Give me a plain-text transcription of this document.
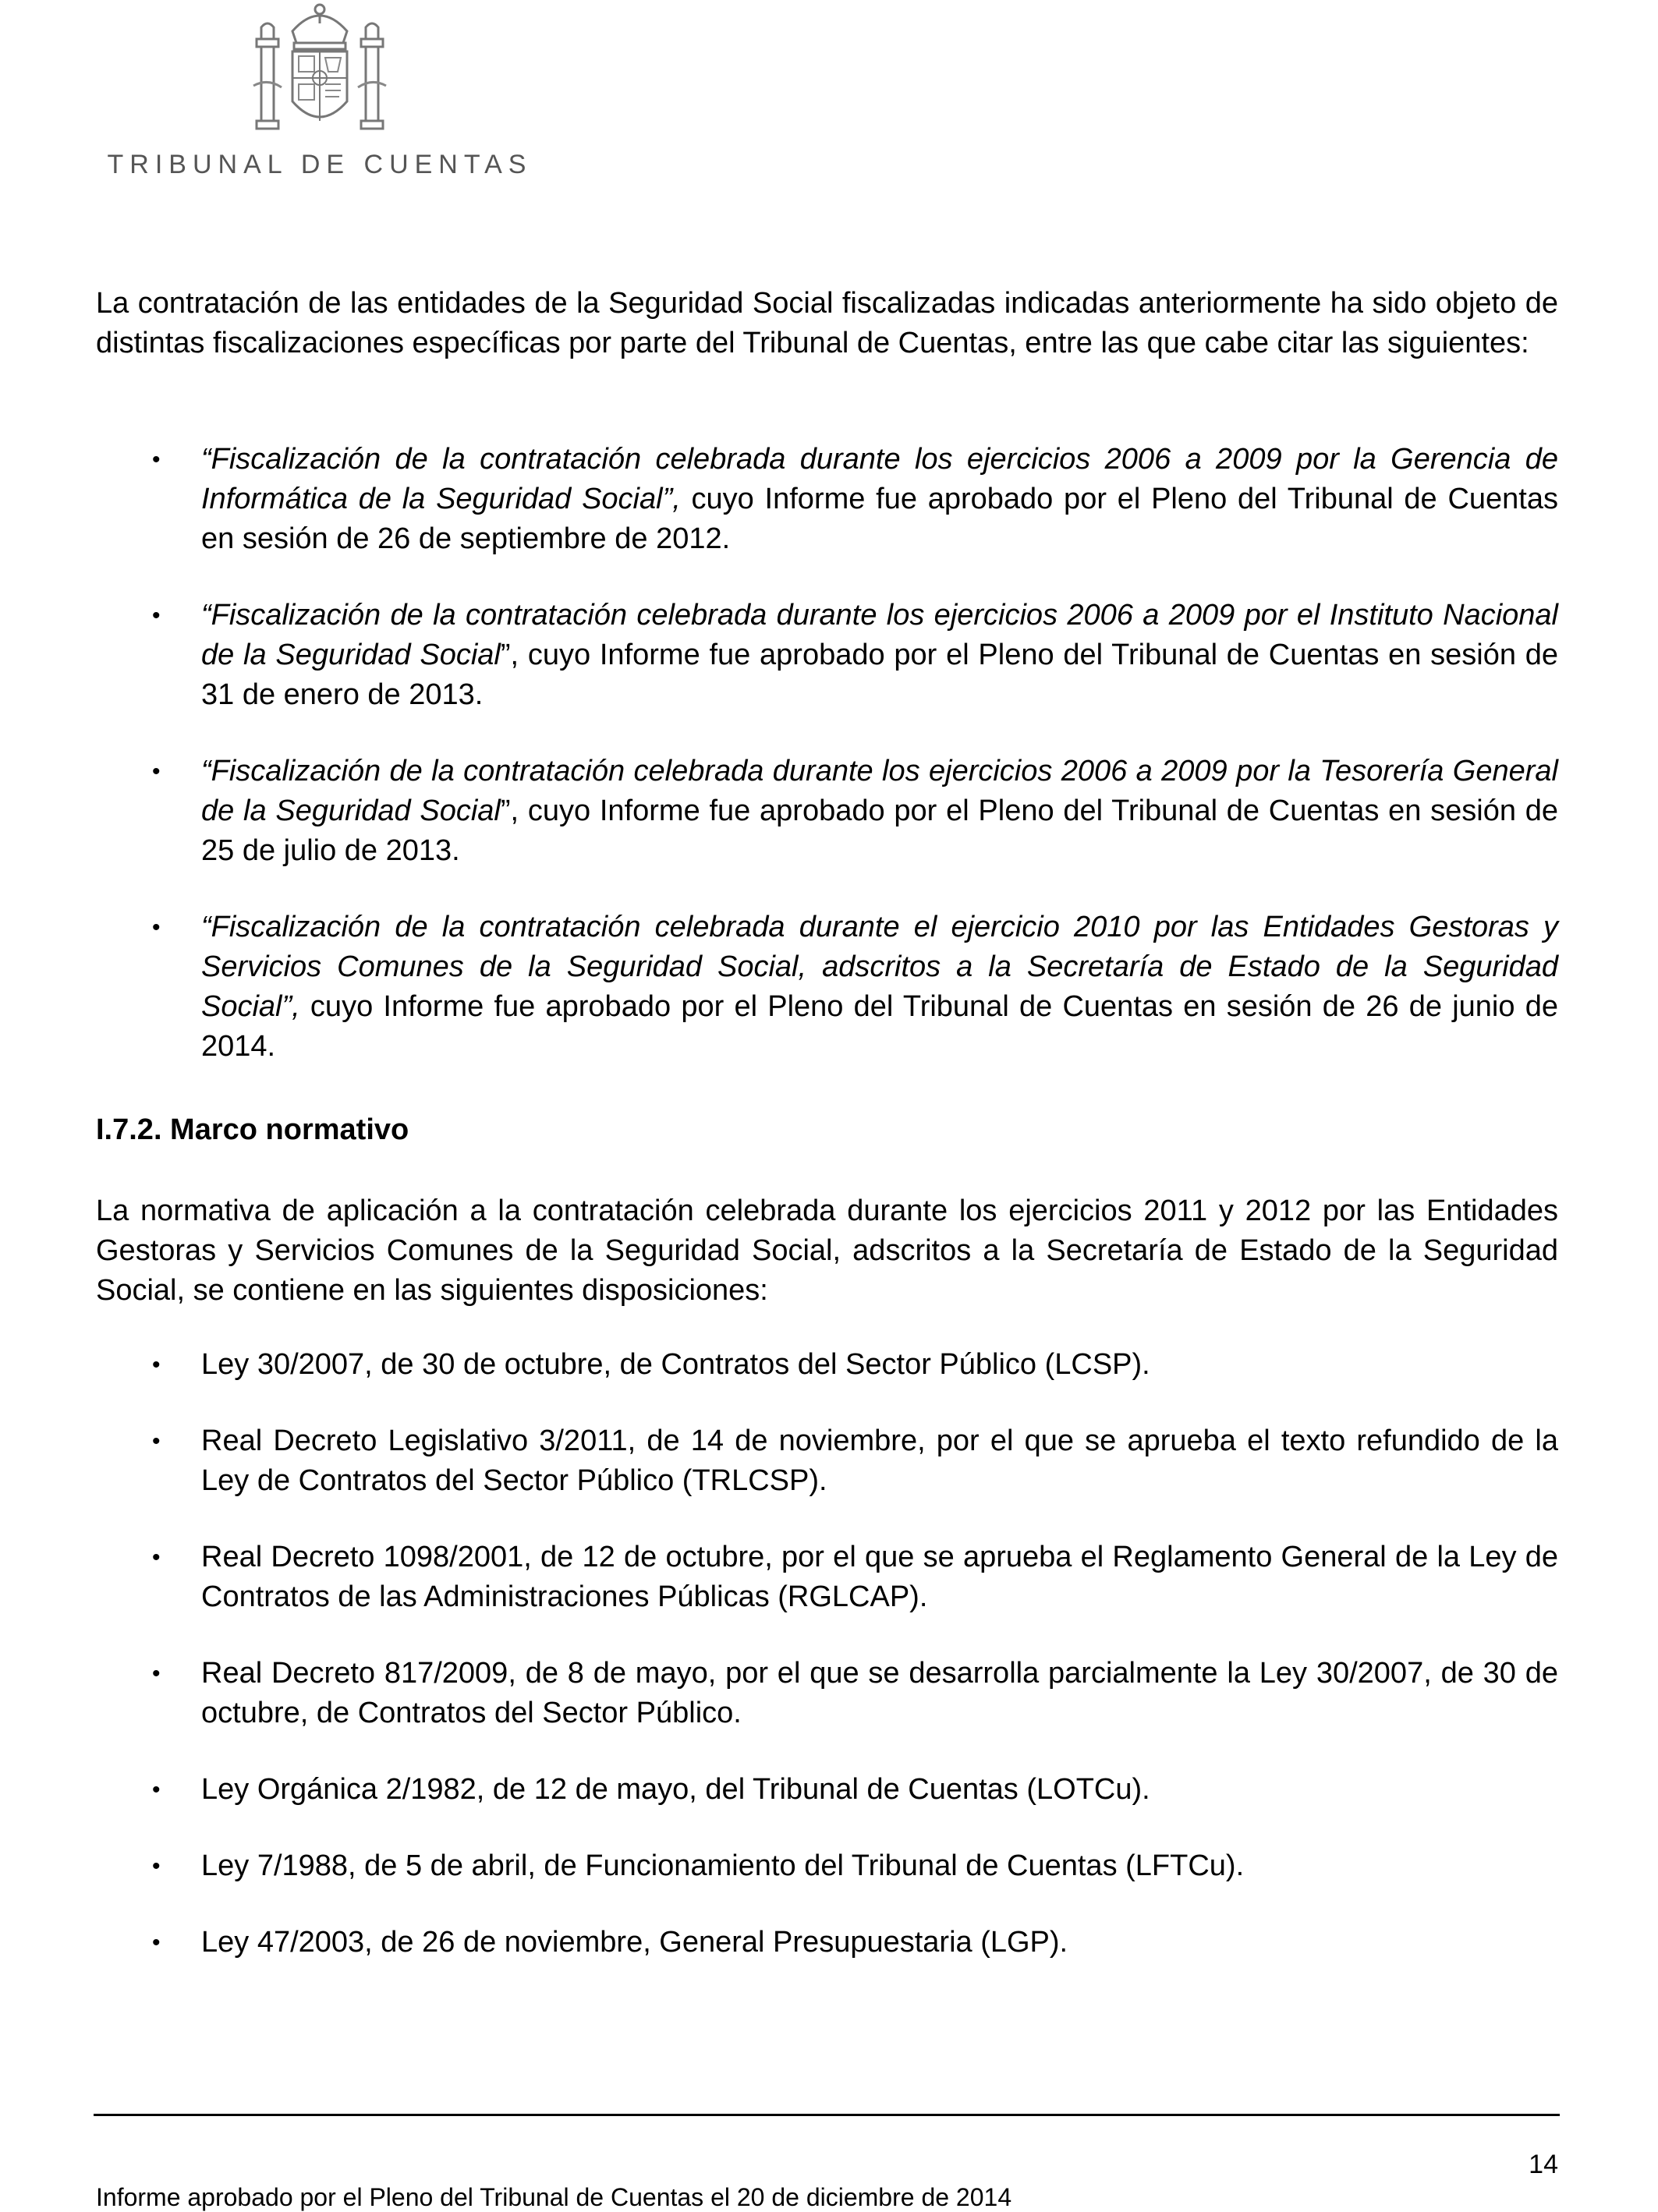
TRIBUNAL DE CUENTAS

La contratación de las entidades de la Seguridad Social fiscalizadas indicadas anteriormente ha sido objeto de distintas fiscalizaciones específicas por parte del Tribunal de Cuentas, entre las que cabe citar las siguientes:

• “Fiscalización de la contratación celebrada durante los ejercicios 2006 a 2009 por la Gerencia de Informática de la Seguridad Social”, cuyo Informe fue aprobado por el Pleno del Tribunal de Cuentas en sesión de 26 de septiembre de 2012.
• “Fiscalización de la contratación celebrada durante los ejercicios 2006 a 2009 por el Instituto Nacional de la Seguridad Social”, cuyo Informe fue aprobado por el Pleno del Tribunal de Cuentas en sesión de 31 de enero de 2013.
• “Fiscalización de la contratación celebrada durante los ejercicios 2006 a 2009 por la Tesorería General de la Seguridad Social”, cuyo Informe fue aprobado por el Pleno del Tribunal de Cuentas en sesión de 25 de julio de 2013.
• “Fiscalización de la contratación celebrada durante el ejercicio 2010 por las Entidades Gestoras y Servicios Comunes de la Seguridad Social, adscritos a la Secretaría de Estado de la Seguridad Social”, cuyo Informe fue aprobado por el Pleno del Tribunal de Cuentas en sesión de 26 de junio de 2014.
I.7.2. Marco normativo

La normativa de aplicación a la contratación celebrada durante los ejercicios 2011 y 2012 por las Entidades Gestoras y Servicios Comunes de la Seguridad Social, adscritos a la Secretaría de Estado de la Seguridad Social, se contiene en las siguientes disposiciones:

• Ley 30/2007, de 30 de octubre, de Contratos del Sector Público (LCSP).
• Real Decreto Legislativo 3/2011, de 14 de noviembre, por el que se aprueba el texto refundido de la Ley de Contratos del Sector Público (TRLCSP).
• Real Decreto 1098/2001, de 12 de octubre, por el que se aprueba el Reglamento General de la Ley de Contratos de las Administraciones Públicas (RGLCAP).
• Real Decreto 817/2009, de 8 de mayo, por el que se desarrolla parcialmente la Ley 30/2007, de 30 de octubre, de Contratos del Sector Público.
• Ley Orgánica 2/1982, de 12 de mayo, del Tribunal de Cuentas (LOTCu).
• Ley 7/1988, de 5 de abril, de Funcionamiento del Tribunal de Cuentas (LFTCu).
• Ley 47/2003, de 26 de noviembre, General Presupuestaria (LGP).
14
Informe aprobado por el Pleno del Tribunal de Cuentas el 20 de diciembre de 2014
